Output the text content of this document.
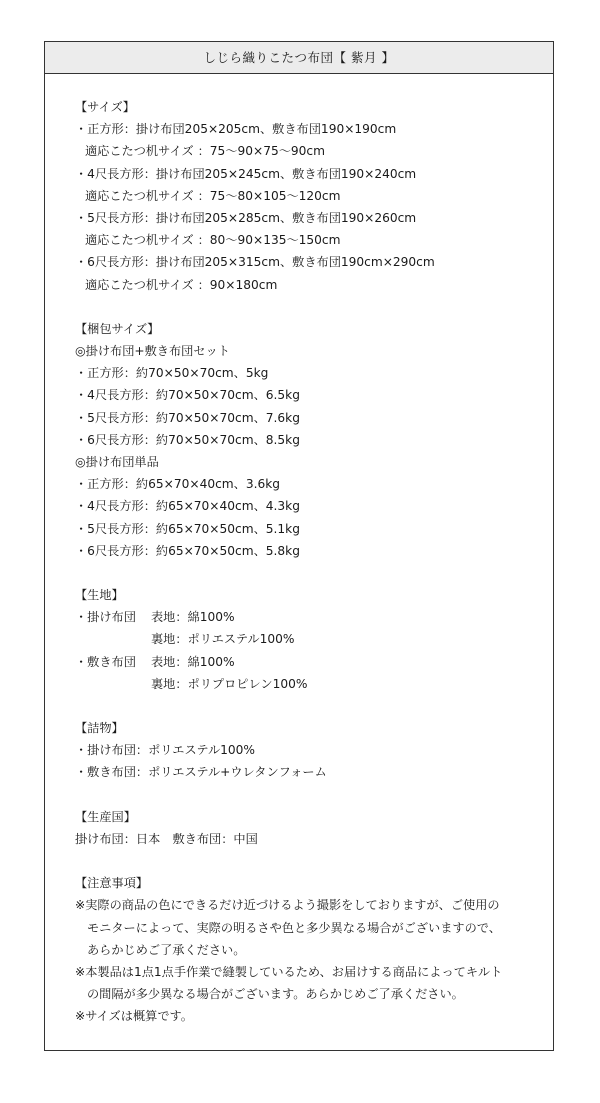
しじら織りこたつ布団【 紫月 】
【サイズ】
・正方形：掛け布団205×205cm、敷き布団190×190cm
適応こたつ机サイズ ：75～90×75～90cm
・4尺長方形：掛け布団205×245cm、敷き布団190×240cm
適応こたつ机サイズ ：75～80×105～120cm
・5尺長方形：掛け布団205×285cm、敷き布団190×260cm
適応こたつ机サイズ ：80～90×135～150cm
・6尺長方形：掛け布団205×315cm、敷き布団190cm×290cm
適応こたつ机サイズ ：90×180cm
【梱包サイズ】
◎掛け布団+敷き布団セット
・正方形：約70×50×70cm、5kg
・4尺長方形：約70×50×70cm、6.5kg
・5尺長方形：約70×50×70cm、7.6kg
・6尺長方形：約70×50×70cm、8.5kg
◎掛け布団単品
・正方形：約65×70×40cm、3.6kg
・4尺長方形：約65×70×40cm、4.3kg
・5尺長方形：約65×70×50cm、5.1kg
・6尺長方形：約65×70×50cm、5.8kg
【生地】
・掛け布団 表地：綿100%
裏地：ポリエステル100%
・敷き布団 表地：綿100%
裏地：ポリプロピレン100%
【詰物】
・掛け布団：ポリエステル100%
・敷き布団：ポリエステル+ウレタンフォーム
【生産国】
掛け布団：日本　敷き布団：中国
【注意事項】
※実際の商品の色にできるだけ近づけるよう撮影をしておりますが、ご使用の
モニターによって、実際の明るさや色と多少異なる場合がございますので、
あらかじめご了承ください。
※本製品は1点1点手作業で縫製しているため、お届けする商品によってキルト
の間隔が多少異なる場合がございます。あらかじめご了承ください。
※サイズは概算です。
